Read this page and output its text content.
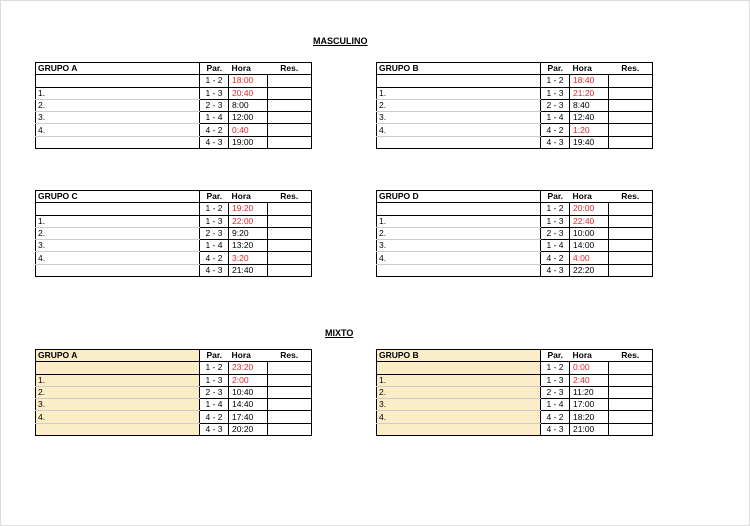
MASCULINO
MIXTO
GRUPO A	Par.	Hora	Res.
	1 - 2	18:00	
1.	1 - 3	20:40	
2.	2 - 3	8:00	
3.	1 - 4	12:00	
4.	4 - 2	0:40	
	4 - 3	19:00	
GRUPO B	Par.	Hora	Res.
	1 - 2	18:40	
1.	1 - 3	21:20	
2.	2 - 3	8:40	
3.	1 - 4	12:40	
4.	4 - 2	1:20	
	4 - 3	19:40	
GRUPO C	Par.	Hora	Res.
	1 - 2	19:20	
1.	1 - 3	22:00	
2.	2 - 3	9:20	
3.	1 - 4	13:20	
4.	4 - 2	3:20	
	4 - 3	21:40	
GRUPO D	Par.	Hora	Res.
	1 - 2	20:00	
1.	1 - 3	22:40	
2.	2 - 3	10:00	
3.	1 - 4	14:00	
4.	4 - 2	4:00	
	4 - 3	22:20	
GRUPO A	Par.	Hora	Res.
	1 - 2	23:20	
1.	1 - 3	2:00	
2.	2 - 3	10:40	
3.	1 - 4	14:40	
4.	4 - 2	17:40	
	4 - 3	20:20	
GRUPO B	Par.	Hora	Res.
	1 - 2	0:00	
1.	1 - 3	2:40	
2.	2 - 3	11:20	
3.	1 - 4	17:00	
4.	4 - 2	18:20	
	4 - 3	21:00	
